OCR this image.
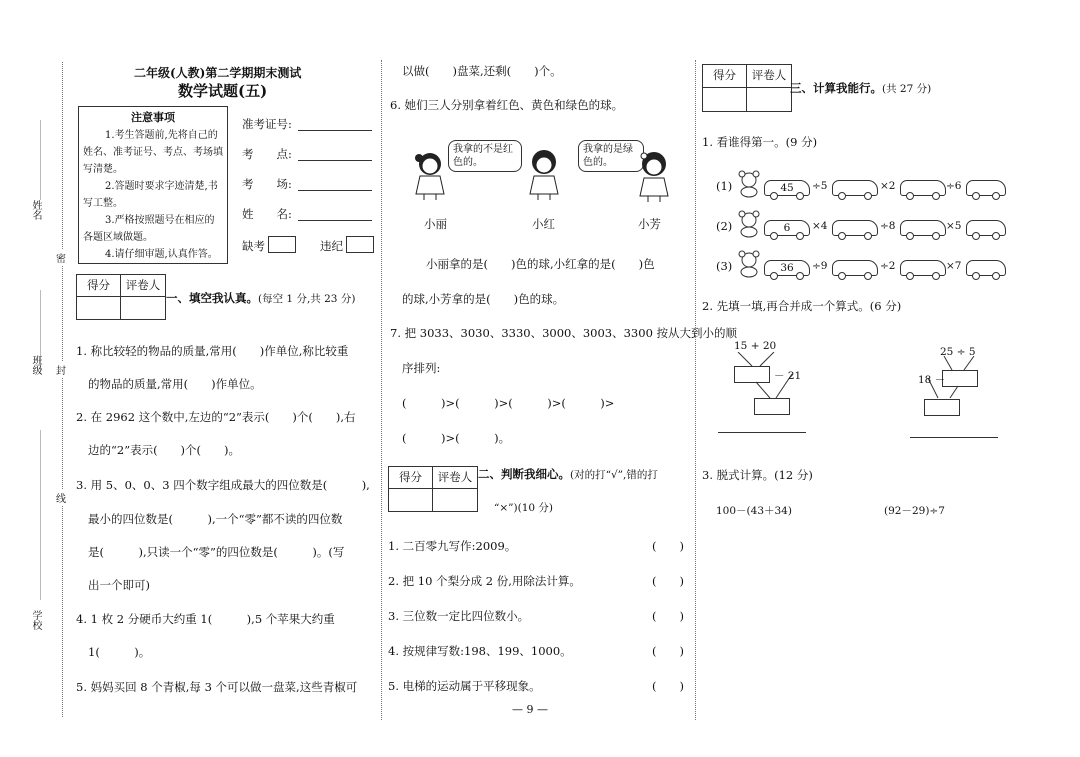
姓名
班级
学校
密
封
线
二年级(人教)第二学期期末测试
数学试题(五)
注意事项

1.考生答题前,先将自己的姓名、准考证号、考点、考场填写清楚。

2.答题时要求字迹清楚,书写工整。

3.严格按照题号在相应的各题区域做题。

4.请仔细审题,认真作答。

准考证号:
考　　点:
考　　场:
姓　　名:
缺考	违纪
得分	评卷人
一、填空我认真。(每空 1 分,共 23 分)
1. 称比较轻的物品的质量,常用(　　)作单位,称比较重
的物品的质量,常用(　　)作单位。
2. 在 2962 这个数中,左边的“2”表示(　　)个(　　),右
边的“2”表示(　　)个(　　)。
3. 用 5、0、0、3 四个数字组成最大的四位数是(　　　),
最小的四位数是(　　　),一个“零”都不读的四位数
是(　　　),只读一个“零”的四位数是(　　　)。(写
出一个即可)
4. 1 枚 2 分硬币大约重 1(　　　),5 个苹果大约重
1(　　　)。
5. 妈妈买回 8 个青椒,每 3 个可以做一盘菜,这些青椒可
以做(　　)盘菜,还剩(　　)个。
6. 她们三人分别拿着红色、黄色和绿色的球。
我拿的不是红色的。
我拿的是绿色的。
小丽	小红	小芳
小丽拿的是(　　)色的球,小红拿的是(　　)色
的球,小芳拿的是(　　)色的球。
7. 把 3033、3030、3330、3000、3003、3300 按从大到小的顺
序排列:
(　　　)>(　　　)>(　　　)>(　　　)>
(　　　)>(　　　)。
得分	评卷人 二、判断我细心。(对的打“√”,错的打
“×”)(10 分)
1. 二百零九写作:2009。	(　　)
2. 把 10 个梨分成 2 份,用除法计算。	(　　)
3. 三位数一定比四位数小。	(　　)
4. 按规律写数:198、199、1000。	(　　)
5. 电梯的运动属于平移现象。	(　　)
— 9 —
得分	评卷人
三、计算我能行。(共 27 分)
1. 看谁得第一。(9 分)
(1)	45	÷5	×2	÷6
(2)	6	×4	÷8	×5
(3)	36	÷9	÷2	×7
2. 先填一填,再合并成一个算式。(6 分)
15 + 20
－ 21
25 ÷ 5
18 －
3. 脱式计算。(12 分)
100－(43＋34)	(92－29)÷7
